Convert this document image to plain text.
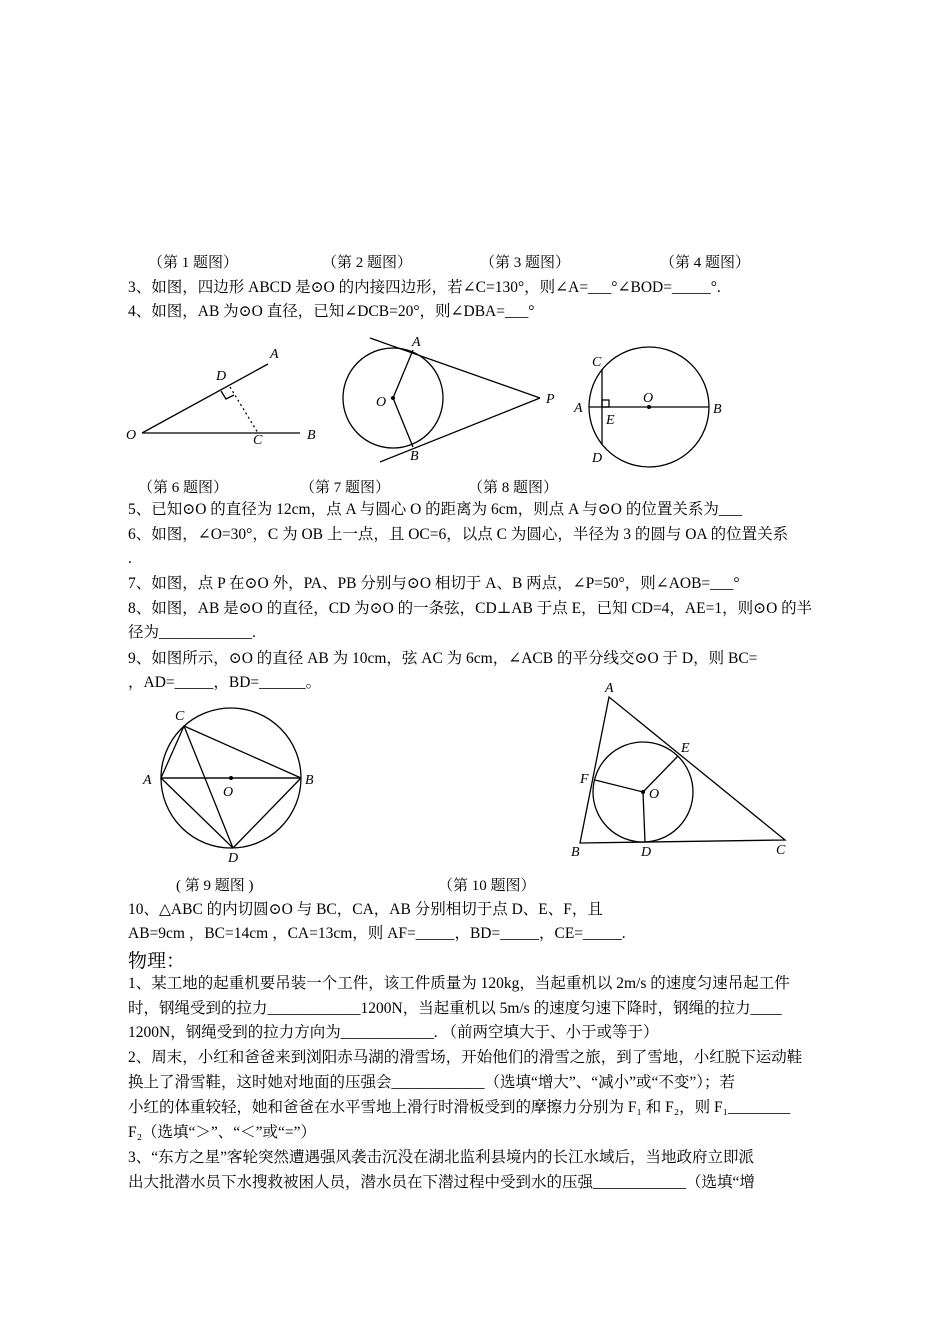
（第 1 题图）	（第 2 题图）	（第 3 题图）	（第 4 题图）
3、如图，四边形 ABCD 是⊙O 的内接四边形，若∠C=130°，则∠A=___°∠BOD=_____°.
4、如图，AB 为⊙O 直径，已知∠DCB=20°，则∠DBA=___°
D
A
O	C	B
A
O	P
B
C
A
E
O
B
D
（第 6 题图）	（第 7 题图）	（第 8 题图）
5、已知⊙O 的直径为 12cm，点 A 与圆心 O 的距离为 6cm，则点 A 与⊙O 的位置关系为___
6、如图，∠O=30°，C 为 OB 上一点，且 OC=6，以点 C 为圆心，半径为 3 的圆与 OA 的位置关系
.
7、如图，点 P 在⊙O 外，PA、PB 分别与⊙O 相切于 A、B 两点，∠P=50°，则∠AOB=___°
8、如图，AB 是⊙O 的直径，CD 为⊙O 的一条弦，CD⊥AB 于点 E，已知 CD=4，AE=1，则⊙O 的半
径为____________.
9、如图所示，⊙O 的直径 AB 为 10cm，弦 AC 为 6cm，∠ACB 的平分线交⊙O 于 D，则 BC=
，AD=_____，BD=______。
C
A
O
B
D
A
E
F
O
B	D	C
( 第 9 题图 )	（第 10 题图）
10、△ABC 的内切圆⊙O 与 BC，CA，AB 分别相切于点 D、E、F，且
AB=9cm ，BC=14cm ，CA=13cm，则 AF=_____，BD=_____，CE=_____.
物理：
1、某工地的起重机要吊装一个工件，该工件质量为 120kg，当起重机以 2m/s 的速度匀速吊起工件
时，钢绳受到的拉力____________1200N，当起重机以 5m/s 的速度匀速下降时，钢绳的拉力____
1200N，钢绳受到的拉力方向为____________. （前两空填大于、小于或等于）
2、周末，小红和爸爸来到浏阳赤马湖的滑雪场，开始他们的滑雪之旅，到了雪地，小红脱下运动鞋
换上了滑雪鞋，这时她对地面的压强会____________（选填“增大”、“减小”或“不变”）；若
小红的体重较轻，她和爸爸在水平雪地上滑行时滑板受到的摩擦力分别为 F₁ 和 F₂，则 F₁________
F₂（选填“＞”、“＜”或“=”）
3、“东方之星”客轮突然遭遇强风袭击沉没在湖北监利县境内的长江水域后，当地政府立即派
出大批潜水员下水搜救被困人员，潜水员在下潜过程中受到水的压强____________（选填“增
